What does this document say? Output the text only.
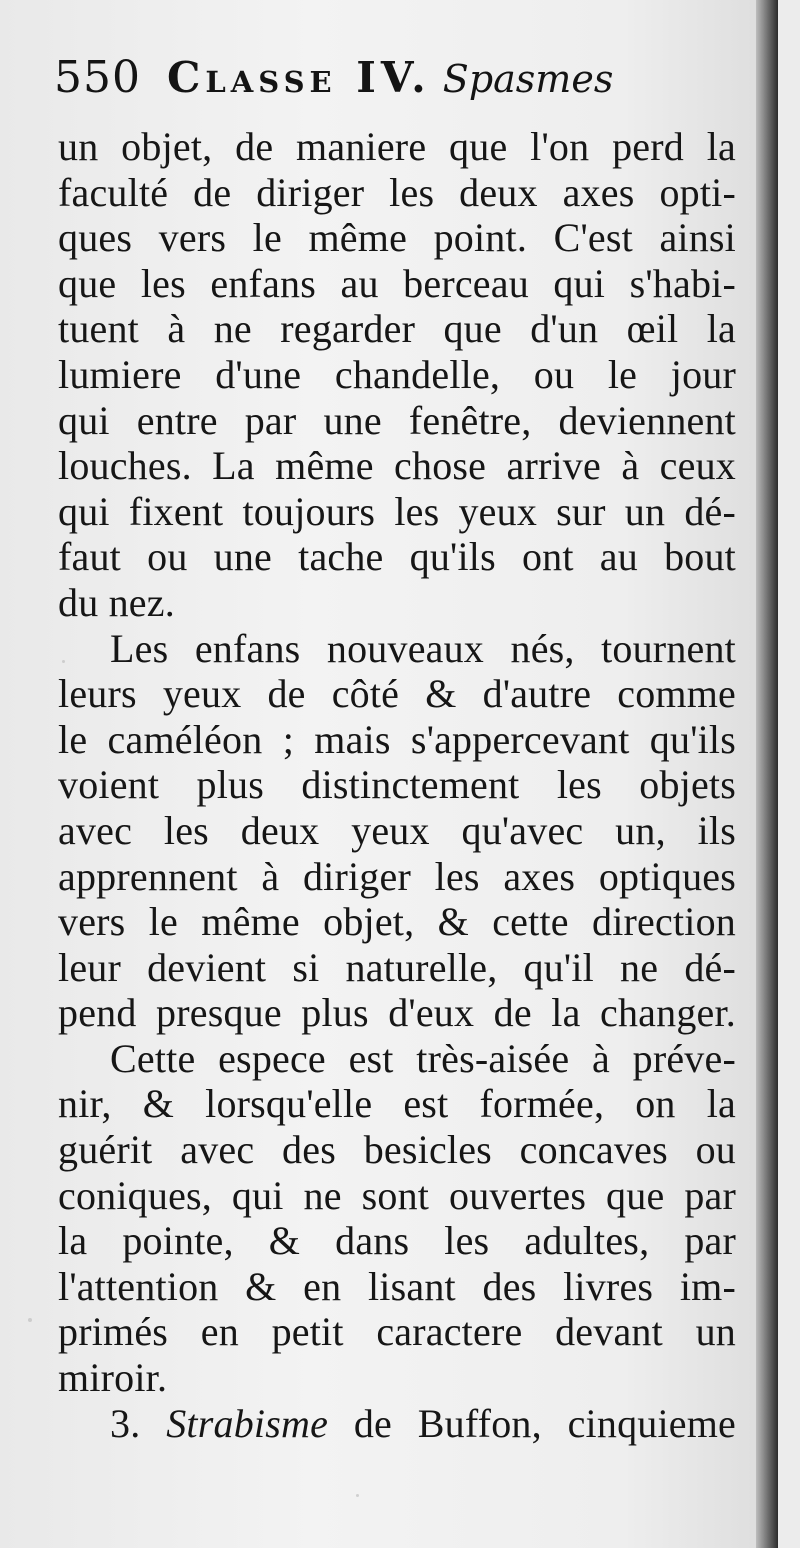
550 Classe IV. Spasmes
un objet, de maniere que l'on perd la
faculté de diriger les deux axes opti-
ques vers le même point. C'est ainsi
que les enfans au berceau qui s'habi-
tuent à ne regarder que d'un œil la
lumiere d'une chandelle, ou le jour
qui entre par une fenêtre, deviennent
louches. La même chose arrive à ceux
qui fixent toujours les yeux sur un dé-
faut ou une tache qu'ils ont au bout
du nez.
Les enfans nouveaux nés, tournent
leurs yeux de côté & d'autre comme
le caméléon ; mais s'appercevant qu'ils
voient plus distinctement les objets
avec les deux yeux qu'avec un, ils
apprennent à diriger les axes optiques
vers le même objet, & cette direction
leur devient si naturelle, qu'il ne dé-
pend presque plus d'eux de la changer.
Cette espece est très-aisée à préve-
nir, & lorsqu'elle est formée, on la
guérit avec des besicles concaves ou
coniques, qui ne sont ouvertes que par
la pointe, & dans les adultes, par
l'attention & en lisant des livres im-
primés en petit caractere devant un
miroir.
3. Strabisme de Buffon, cinquieme
